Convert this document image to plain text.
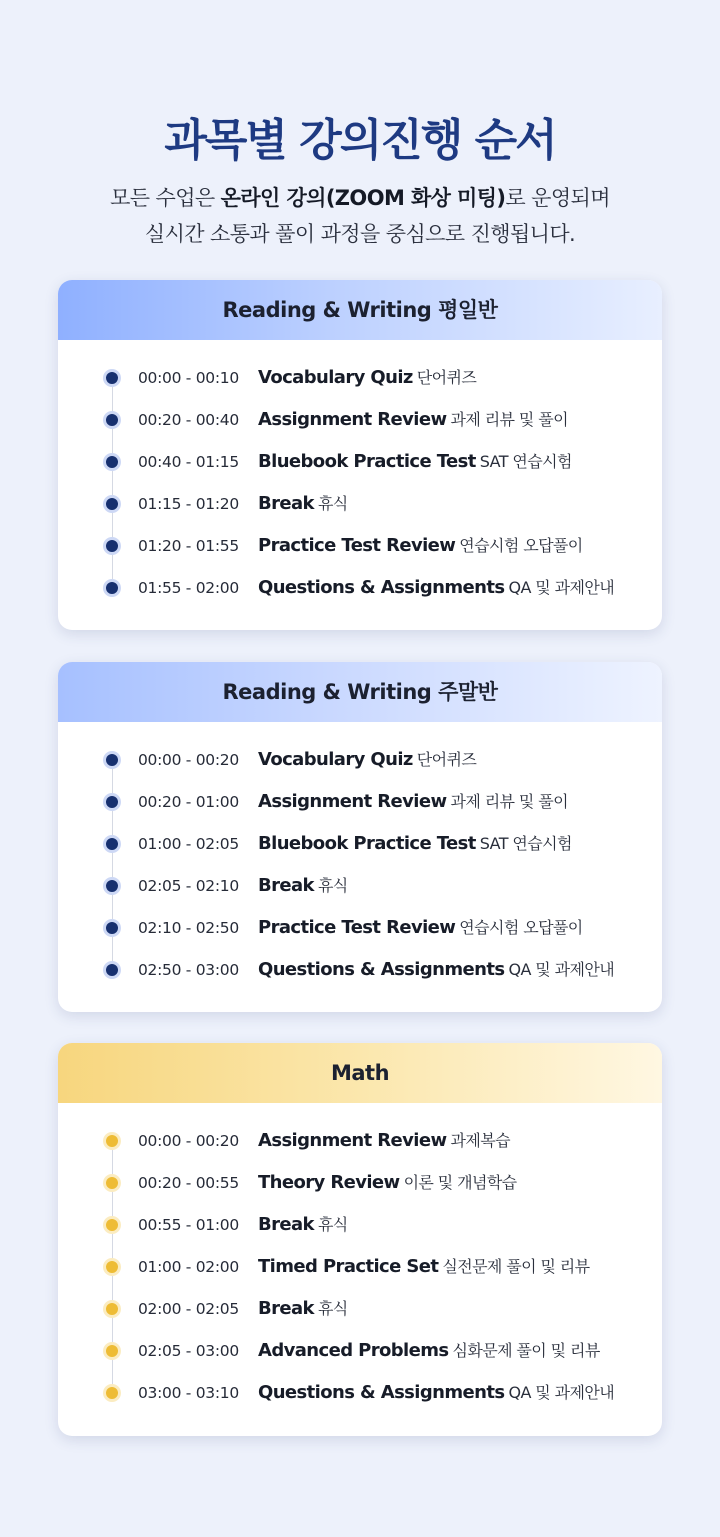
과목별 강의진행 순서
모든 수업은 온라인 강의(ZOOM 화상 미팅)로 운영되며
실시간 소통과 풀이 과정을 중심으로 진행됩니다.
Reading & Writing 평일반
00:00 - 00:10 Vocabulary Quiz 단어퀴즈
00:20 - 00:40 Assignment Review 과제 리뷰 및 풀이
00:40 - 01:15 Bluebook Practice Test SAT 연습시험
01:15 - 01:20 Break 휴식
01:20 - 01:55 Practice Test Review 연습시험 오답풀이
01:55 - 02:00 Questions & Assignments QA 및 과제안내
Reading & Writing 주말반
00:00 - 00:20 Vocabulary Quiz 단어퀴즈
00:20 - 01:00 Assignment Review 과제 리뷰 및 풀이
01:00 - 02:05 Bluebook Practice Test SAT 연습시험
02:05 - 02:10 Break 휴식
02:10 - 02:50 Practice Test Review 연습시험 오답풀이
02:50 - 03:00 Questions & Assignments QA 및 과제안내
Math
00:00 - 00:20 Assignment Review 과제복습
00:20 - 00:55 Theory Review 이론 및 개념학습
00:55 - 01:00 Break 휴식
01:00 - 02:00 Timed Practice Set 실전문제 풀이 및 리뷰
02:00 - 02:05 Break 휴식
02:05 - 03:00 Advanced Problems 심화문제 풀이 및 리뷰
03:00 - 03:10 Questions & Assignments QA 및 과제안내
